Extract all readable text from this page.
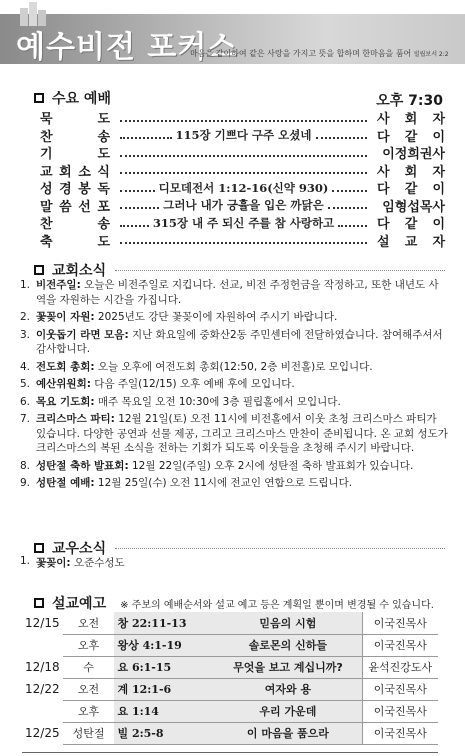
예수비전 포커스
마음을 같이하여 같은 사랑을 가지고 뜻을 합하며 한마음을 품어 빌립보서 2:2
수요 예배	오후 7:30
묵	도	사 회 자
찬	송	115장 기쁘다 구주 오셨네	다 같 이
기	도	이정희권사
교 회 소 식	사 회 자
성 경 봉 독	디모데전서 1:12-16(신약 930)	다 같 이
말 씀 선 포	그러나 내가 긍휼을 입은 까닭은	임형섭목사
찬	송	315장 내 주 되신 주를 참 사랑하고	다 같 이
축	도	설 교 자
교회소식
1. 비전주일: 오늘은 비전주일로 지킵니다. 선교, 비전 주정헌금을 작정하고, 또한 내년도 사역을 자원하는 시간을 가집니다.
2. 꽃꽂이 자원: 2025년도 강단 꽃꽂이에 자원하여 주시기 바랍니다.
3. 이웃돕기 라면 모음: 지난 화요일에 중화산2동 주민센터에 전달하였습니다. 참여해주셔서 감사합니다.
4. 전도회 총회: 오늘 오후에 여전도회 총회(12:50, 2층 비전홀)로 모입니다.
5. 예산위원회: 다음 주일(12/15) 오후 예배 후에 모입니다.
6. 목요 기도회: 매주 목요일 오전 10:30에 3층 필립홀에서 모입니다.
7. 크리스마스 파티: 12월 21일(토) 오전 11시에 비전홀에서 이웃 초청 크리스마스 파티가 있습니다. 다양한 공연과 선물 제공, 그리고 크리스마스 만찬이 준비됩니다. 온 교회 성도가 크리스마스의 복된 소식을 전하는 기회가 되도록 이웃들을 초청해 주시기 바랍니다.
8. 성탄절 축하 발표회: 12월 22일(주일) 오후 2시에 성탄절 축하 발표회가 있습니다.
9. 성탄절 예배: 12월 25일(수) 오전 11시에 전교인 연합으로 드립니다.
교우소식
1. 꽃꽂이: 오준수성도
설교예고 ※ 주보의 예배순서와 설교 예고 등은 계획일 뿐이며 변경될 수 있습니다.
12/15	오전	창 22:11-13	믿음의 시험	이국진목사
	오후	왕상 4:1-19	솔로몬의 신하들	이국진목사
12/18	수	요 6:1-15	무엇을 보고 계십니까?	윤석진강도사
12/22	오전	계 12:1-6	여자와 용	이국진목사
	오후	요 1:14	우리 가운데	이국진목사
12/25	성탄절	빌 2:5-8	이 마음을 품으라	이국진목사
